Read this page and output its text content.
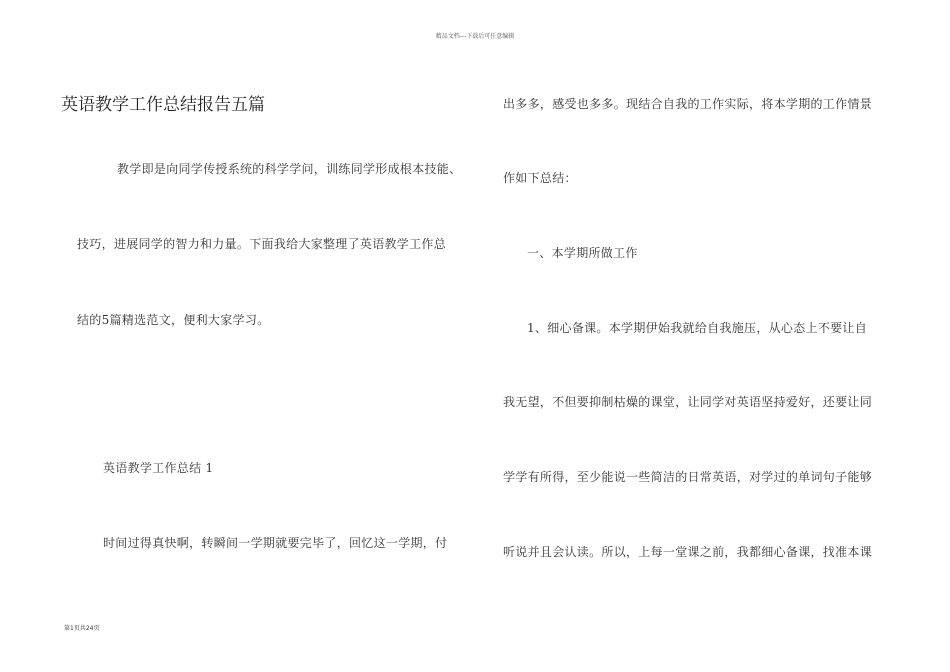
精品文档---下载后可任意编辑
英语教学工作总结报告五篇
教学即是向同学传授系统的科学学问，训练同学形成根本技能、
技巧，进展同学的智力和力量。下面我给大家整理了英语教学工作总
结的5篇精选范文，便利大家学习。
英语教学工作总结 1
时间过得真快啊，转瞬间一学期就要完毕了，回忆这一学期，付
出多多，感受也多多。现结合自我的工作实际，将本学期的工作情景
作如下总结：
一、本学期所做工作
1、细心备课。本学期伊始我就给自我施压，从心态上不要让自
我无望，不但要抑制枯燥的课堂，让同学对英语坚持爱好，还要让同
学学有所得，至少能说一些简洁的日常英语，对学过的单词句子能够
听说并且会认读。所以，上每一堂课之前，我都细心备课，找准本课
第1页共24页
